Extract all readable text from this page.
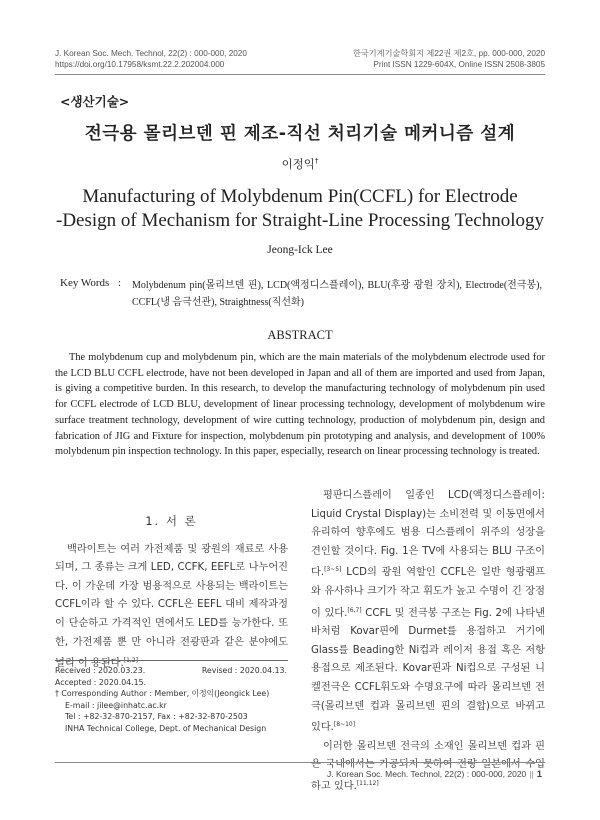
J. Korean Soc. Mech. Technol, 22(2) : 000-000, 2020
https://doi.org/10.17958/ksmt.22.2.202004.000
한국기계기술학회지 제22권 제2호, pp. 000-000, 2020
Print ISSN 1229-604X, Online ISSN 2508-3805
<생산기술>
전극용 몰리브덴 핀 제조-직선 처리기술 메커니즘 설계
이정익†
Manufacturing of Molybdenum Pin(CCFL) for Electrode
-Design of Mechanism for Straight-Line Processing Technology
Jeong-Ick Lee
Key Words : Molybdenum pin(몰리브덴 핀), LCD(액정디스플레이), BLU(후광 광원 장치), Electrode(전극봉), CCFL(냉 음극선관), Straightness(직선화)
ABSTRACT
The molybdenum cup and molybdenum pin, which are the main materials of the molybdenum electrode used for the LCD BLU CCFL electrode, have not been developed in Japan and all of them are imported and used from Japan, is giving a competitive burden. In this research, to develop the manufacturing technology of molybdenum pin used for CCFL electrode of LCD BLU, development of linear processing technology, development of molybdenum wire surface treatment technology, development of wire cutting technology, production of molybdenum pin, design and fabrication of JIG and Fixture for inspection, molybdenum pin prototyping and analysis, and development of 100% molybdenum pin inspection technology. In this paper, especially, research on linear processing technology is treated.
1. 서 론

백라이트는 여러 가전제품 및 광원의 재료로 사용되며, 그 종류는 크게 LED, CCFK, EEFL로 나누어진다. 이 가운데 가장 범용적으로 사용되는 백라이트는 CCFL이라 할 수 있다. CCFL은 EEFL 대비 제작과정이 단순하고 가격적인 면에서도 LED를 능가한다. 또한, 가전제품 뿐 만 아니라 전광판과 같은 분야에도 널리 이 용된다.[1,2]

평판디스플레이 일종인 LCD(액정디스플레이: Liquid Crystal Display)는 소비전력 및 이동면에서 유리하여 향후에도 범용 디스플레이 위주의 성장을 견인할 것이다. Fig. 1은 TV에 사용되는 BLU 구조이다.[3~5] LCD의 광원 역할인 CCFL은 일반 형광램프와 유사하나 크기가 작고 휘도가 높고 수명이 긴 장점이 있다.[6,7] CCFL 및 전극봉 구조는 Fig. 2에 나타낸 바처럼 Kovar핀에 Durmet를 용접하고 거기에 Glass를 Beading한 Ni컵과 레이저 용접 혹은 저항용접으로 제조된다. Kovar핀과 Ni컵으로 구성된 니켈전극은 CCFL휘도와 수명요구에 따라 몰리브덴 전극(몰리브덴 컵과 몰리브덴 핀의 결합)으로 바뀌고 있다.[8~10]

이러한 몰리브덴 전극의 소재인 몰리브덴 컵과 핀은 국내에서는 가공되지 못하여 전량 일본에서 수입하고 있다.[11,12]

Received : 2020.03.23.	Revised : 2020.04.13.
Accepted : 2020.04.15.
† Corresponding Author : Member, 이정익(Jeongick Lee)
E-mail : jilee@inhatc.ac.kr
Tel : +82-32-870-2157, Fax : +82-32-870-2503
INHA Technical College, Dept. of Mechanical Design
J. Korean Soc. Mech. Technol, 22(2) : 000-000, 2020 || 1
